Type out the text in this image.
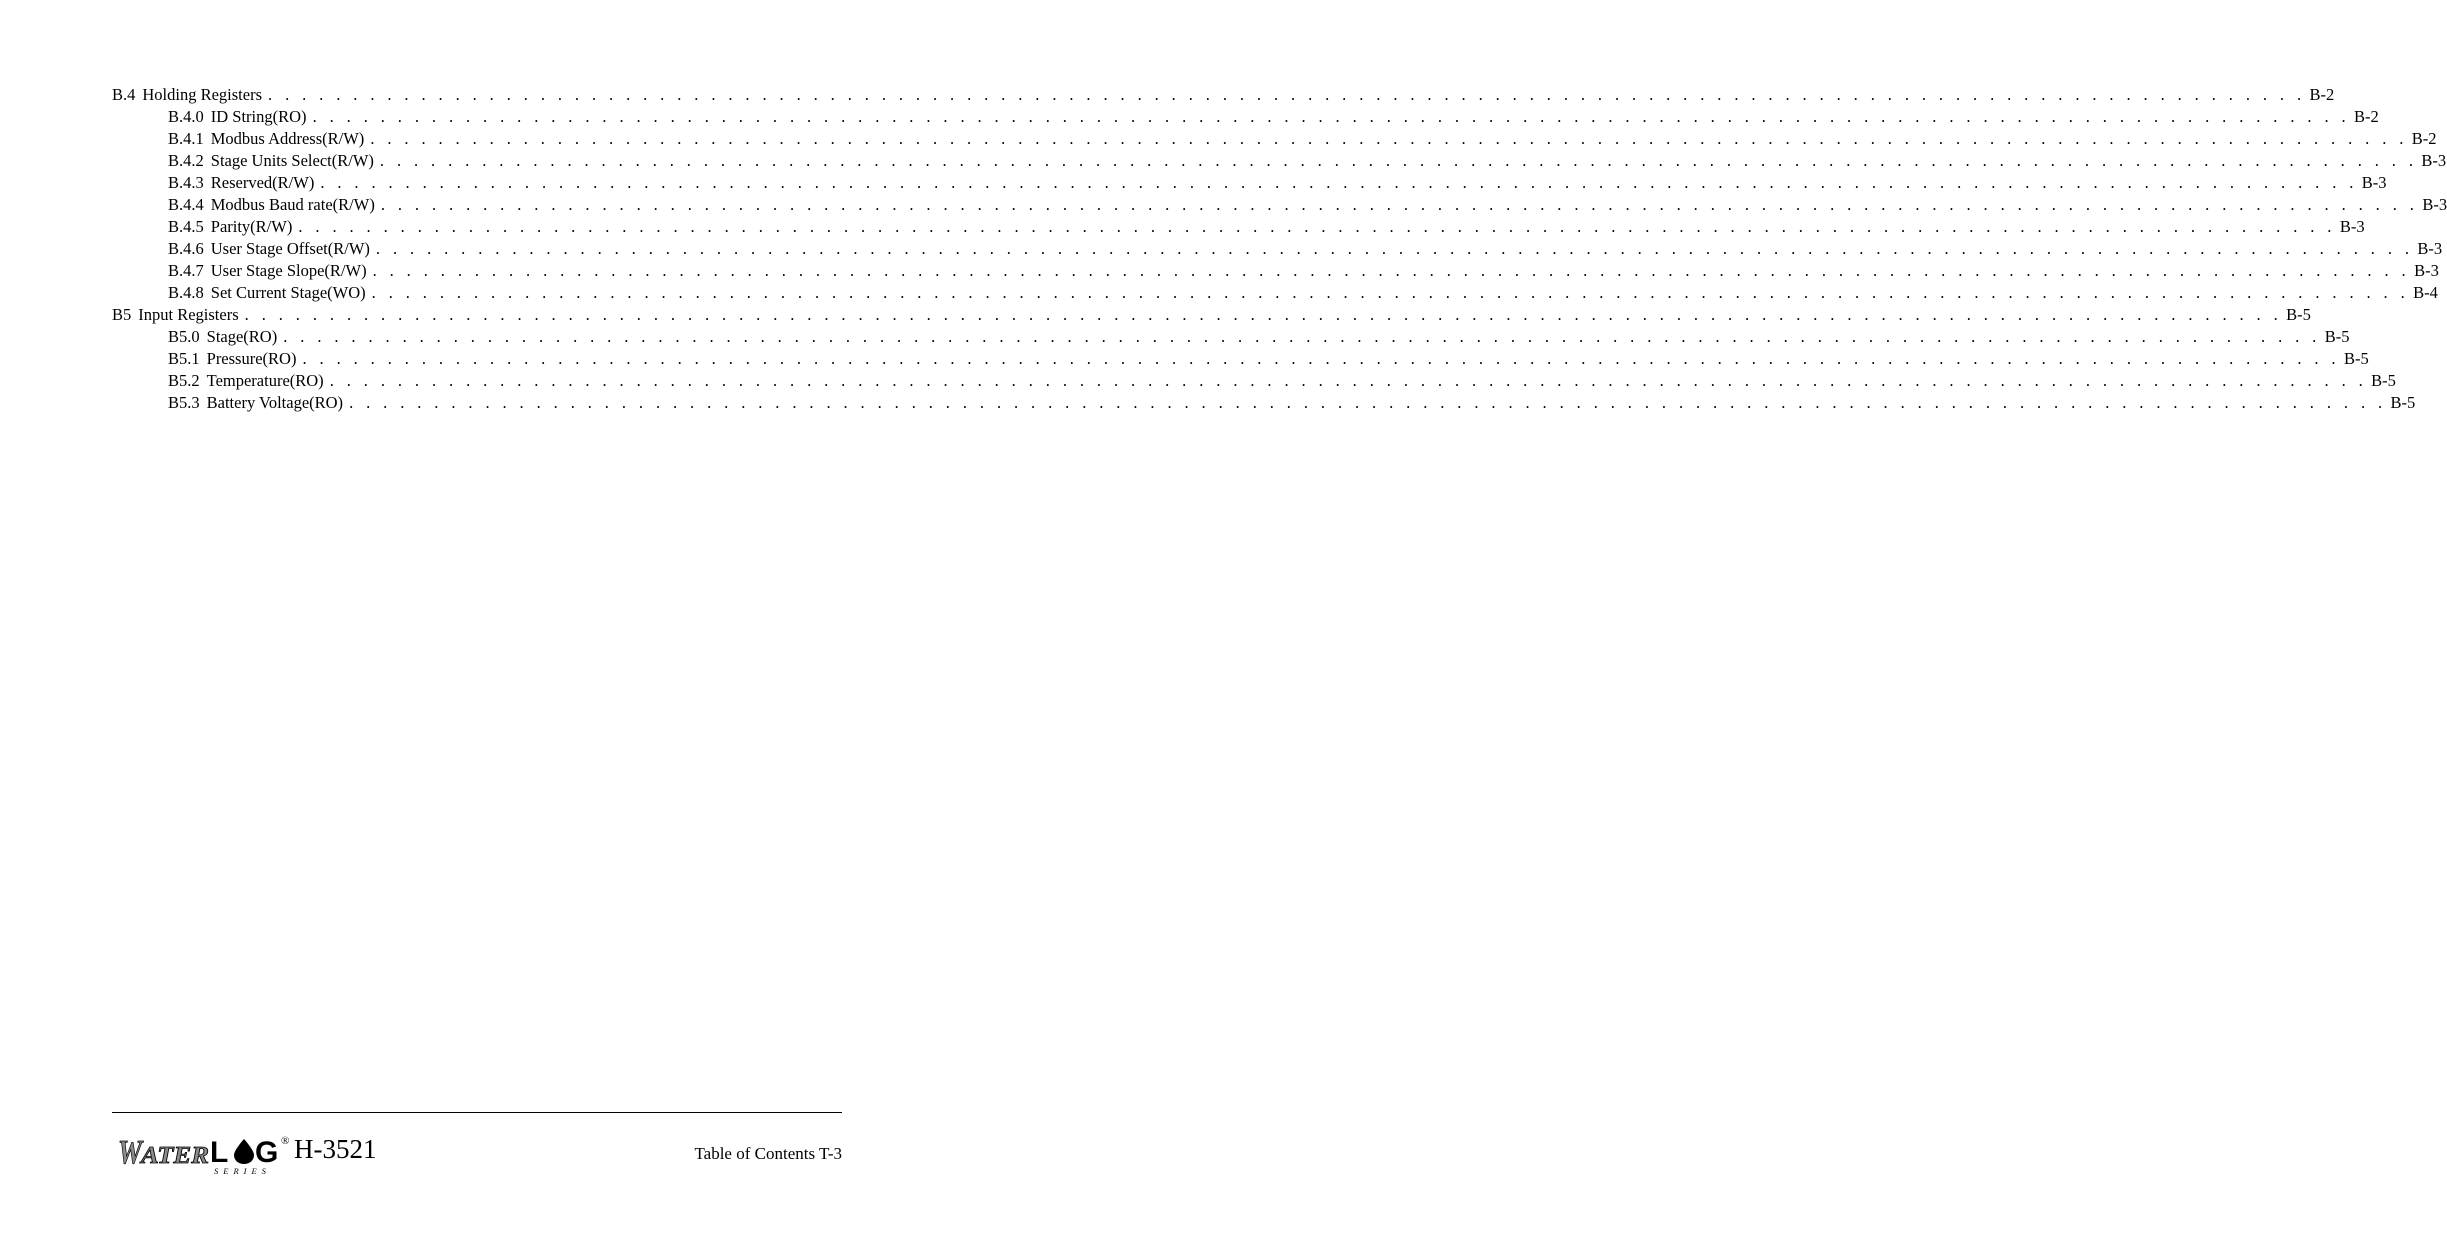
B.4 Holding Registers . . . . . . . . . . . . . . . . . . . . . . . . . . . . . . . . . . . . . . . . . . . . . . . . . . . . . . . . . . . . . . . . . . . . . . . . . . . . . . . . . . . . . . . . . . . . . . . . . . . . . . . . . . . . . . . . . . . . . . . . B-2
B.4.0 ID String(RO) . . . . . . . . . . . . . . . . . . . . . . . . . . . . . . . . . . . . . . . . . . . . . . . . . . . . . . . . . . . . . . . . . . . . . . . . . . . . . . . . . . . . . . . . . . . . . . . . . . . . . . . . . . . . . . . . . . . . . . . . B-2
B.4.1 Modbus Address(R/W) . . . . . . . . . . . . . . . . . . . . . . . . . . . . . . . . . . . . . . . . . . . . . . . . . . . . . . . . . . . . . . . . . . . . . . . . . . . . . . . . . . . . . . . . . . . . . . . . . . . . . . . . . . . . . . . . . . . . . . . . B-2
B.4.2 Stage Units Select(R/W) . . . . . . . . . . . . . . . . . . . . . . . . . . . . . . . . . . . . . . . . . . . . . . . . . . . . . . . . . . . . . . . . . . . . . . . . . . . . . . . . . . . . . . . . . . . . . . . . . . . . . . . . . . . . . . . . . . . . . . . . B-3
B.4.3 Reserved(R/W) . . . . . . . . . . . . . . . . . . . . . . . . . . . . . . . . . . . . . . . . . . . . . . . . . . . . . . . . . . . . . . . . . . . . . . . . . . . . . . . . . . . . . . . . . . . . . . . . . . . . . . . . . . . . . . . . . . . . . . . . B-3
B.4.4 Modbus Baud rate(R/W) . . . . . . . . . . . . . . . . . . . . . . . . . . . . . . . . . . . . . . . . . . . . . . . . . . . . . . . . . . . . . . . . . . . . . . . . . . . . . . . . . . . . . . . . . . . . . . . . . . . . . . . . . . . . . . . . . . . . . . . . B-3
B.4.5 Parity(R/W) . . . . . . . . . . . . . . . . . . . . . . . . . . . . . . . . . . . . . . . . . . . . . . . . . . . . . . . . . . . . . . . . . . . . . . . . . . . . . . . . . . . . . . . . . . . . . . . . . . . . . . . . . . . . . . . . . . . . . . . . B-3
B.4.6 User Stage Offset(R/W) . . . . . . . . . . . . . . . . . . . . . . . . . . . . . . . . . . . . . . . . . . . . . . . . . . . . . . . . . . . . . . . . . . . . . . . . . . . . . . . . . . . . . . . . . . . . . . . . . . . . . . . . . . . . . . . . . . . . . . . . B-3
B.4.7 User Stage Slope(R/W) . . . . . . . . . . . . . . . . . . . . . . . . . . . . . . . . . . . . . . . . . . . . . . . . . . . . . . . . . . . . . . . . . . . . . . . . . . . . . . . . . . . . . . . . . . . . . . . . . . . . . . . . . . . . . . . . . . . . . . . . B-3
B.4.8 Set Current Stage(WO) . . . . . . . . . . . . . . . . . . . . . . . . . . . . . . . . . . . . . . . . . . . . . . . . . . . . . . . . . . . . . . . . . . . . . . . . . . . . . . . . . . . . . . . . . . . . . . . . . . . . . . . . . . . . . . . . . . . . . . . . B-4
B5 Input Registers . . . . . . . . . . . . . . . . . . . . . . . . . . . . . . . . . . . . . . . . . . . . . . . . . . . . . . . . . . . . . . . . . . . . . . . . . . . . . . . . . . . . . . . . . . . . . . . . . . . . . . . . . . . . . . . . . . . . . . . . B-5
B5.0 Stage(RO) . . . . . . . . . . . . . . . . . . . . . . . . . . . . . . . . . . . . . . . . . . . . . . . . . . . . . . . . . . . . . . . . . . . . . . . . . . . . . . . . . . . . . . . . . . . . . . . . . . . . . . . . . . . . . . . . . . . . . . . . B-5
B5.1 Pressure(RO) . . . . . . . . . . . . . . . . . . . . . . . . . . . . . . . . . . . . . . . . . . . . . . . . . . . . . . . . . . . . . . . . . . . . . . . . . . . . . . . . . . . . . . . . . . . . . . . . . . . . . . . . . . . . . . . . . . . . . . . . B-5
B5.2 Temperature(RO) . . . . . . . . . . . . . . . . . . . . . . . . . . . . . . . . . . . . . . . . . . . . . . . . . . . . . . . . . . . . . . . . . . . . . . . . . . . . . . . . . . . . . . . . . . . . . . . . . . . . . . . . . . . . . . . . . . . . . . . . B-5
B5.3 Battery Voltage(RO) . . . . . . . . . . . . . . . . . . . . . . . . . . . . . . . . . . . . . . . . . . . . . . . . . . . . . . . . . . . . . . . . . . . . . . . . . . . . . . . . . . . . . . . . . . . . . . . . . . . . . . . . . . . . . . . . . . . . . . . . B-5
W
ATER L G
SERIES
® H-3521	Table of Contents T-3
